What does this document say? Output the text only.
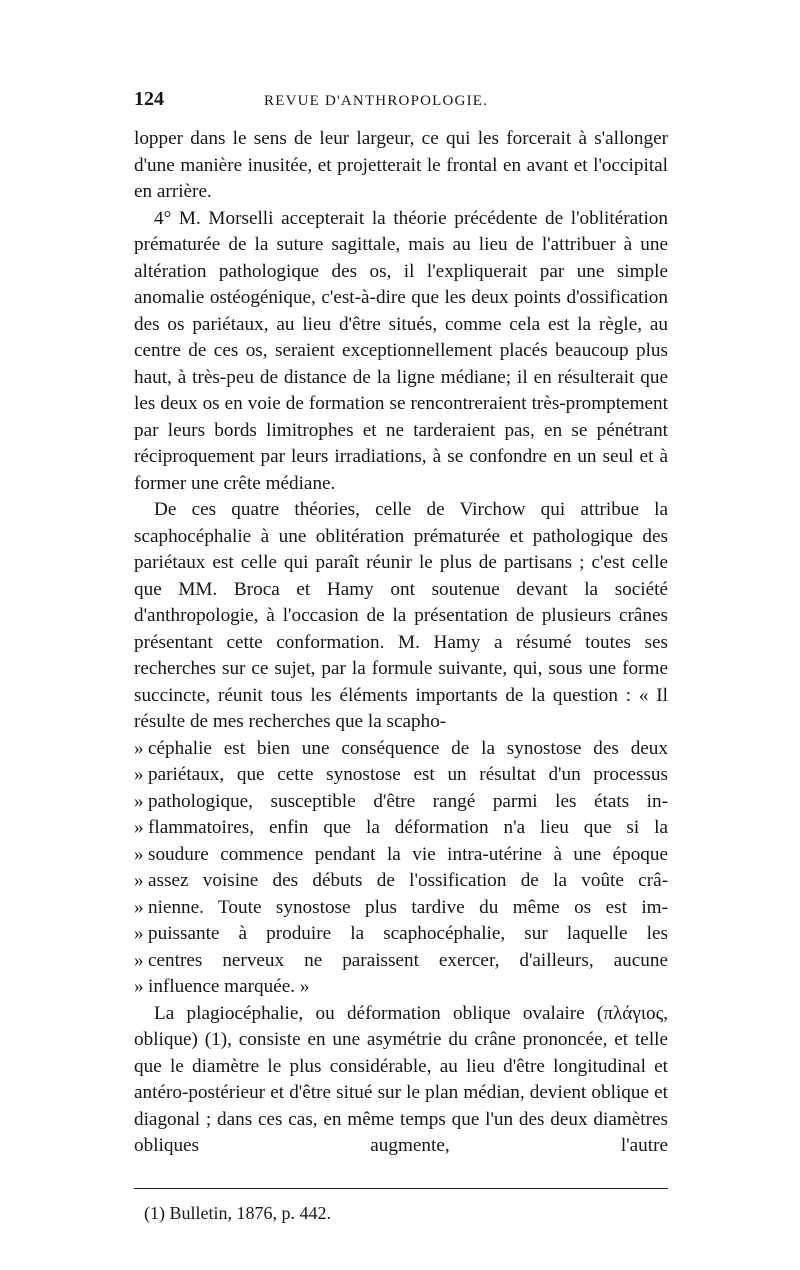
124	REVUE D'ANTHROPOLOGIE.

lopper dans le sens de leur largeur, ce qui les forcerait à s'allonger d'une manière inusitée, et projetterait le frontal en avant et l'occipital en arrière.

4° M. Morselli accepterait la théorie précédente de l'oblitération prématurée de la suture sagittale, mais au lieu de l'attribuer à une altération pathologique des os, il l'expliquerait par une simple anomalie ostéogénique, c'est-à-dire que les deux points d'ossification des os pariétaux, au lieu d'être situés, comme cela est la règle, au centre de ces os, seraient exceptionnellement placés beaucoup plus haut, à très-peu de distance de la ligne médiane; il en résulterait que les deux os en voie de formation se rencontreraient très-promptement par leurs bords limitrophes et ne tarderaient pas, en se pénétrant réciproquement par leurs irradiations, à se confondre en un seul et à former une crête médiane.

De ces quatre théories, celle de Virchow qui attribue la scaphocéphalie à une oblitération prématurée et pathologique des pariétaux est celle qui paraît réunir le plus de partisans ; c'est celle que MM. Broca et Hamy ont soutenue devant la société d'anthropologie, à l'occasion de la présentation de plusieurs crânes présentant cette conformation. M. Hamy a résumé toutes ses recherches sur ce sujet, par la formule suivante, qui, sous une forme succincte, réunit tous les éléments importants de la question : « Il résulte de mes recherches que la scapho-

» céphalie est bien une conséquence de la synostose des deux
» pariétaux, que cette synostose est un résultat d'un processus
» pathologique, susceptible d'être rangé parmi les états in-
» flammatoires, enfin que la déformation n'a lieu que si la
» soudure commence pendant la vie intra-utérine à une époque
» assez voisine des débuts de l'ossification de la voûte crâ-
» nienne. Toute synostose plus tardive du même os est im-
» puissante à produire la scaphocéphalie, sur laquelle les
» centres nerveux ne paraissent exercer, d'ailleurs, aucune
» influence marquée. »

La plagiocéphalie, ou déformation oblique ovalaire (πλάγιος, oblique) (1), consiste en une asymétrie du crâne prononcée, et telle que le diamètre le plus considérable, au lieu d'être longitudinal et antéro-postérieur et d'être situé sur le plan médian, devient oblique et diagonal ; dans ces cas, en même temps que l'un des deux diamètres obliques augmente, l'autre

(1) Bulletin, 1876, p. 442.
